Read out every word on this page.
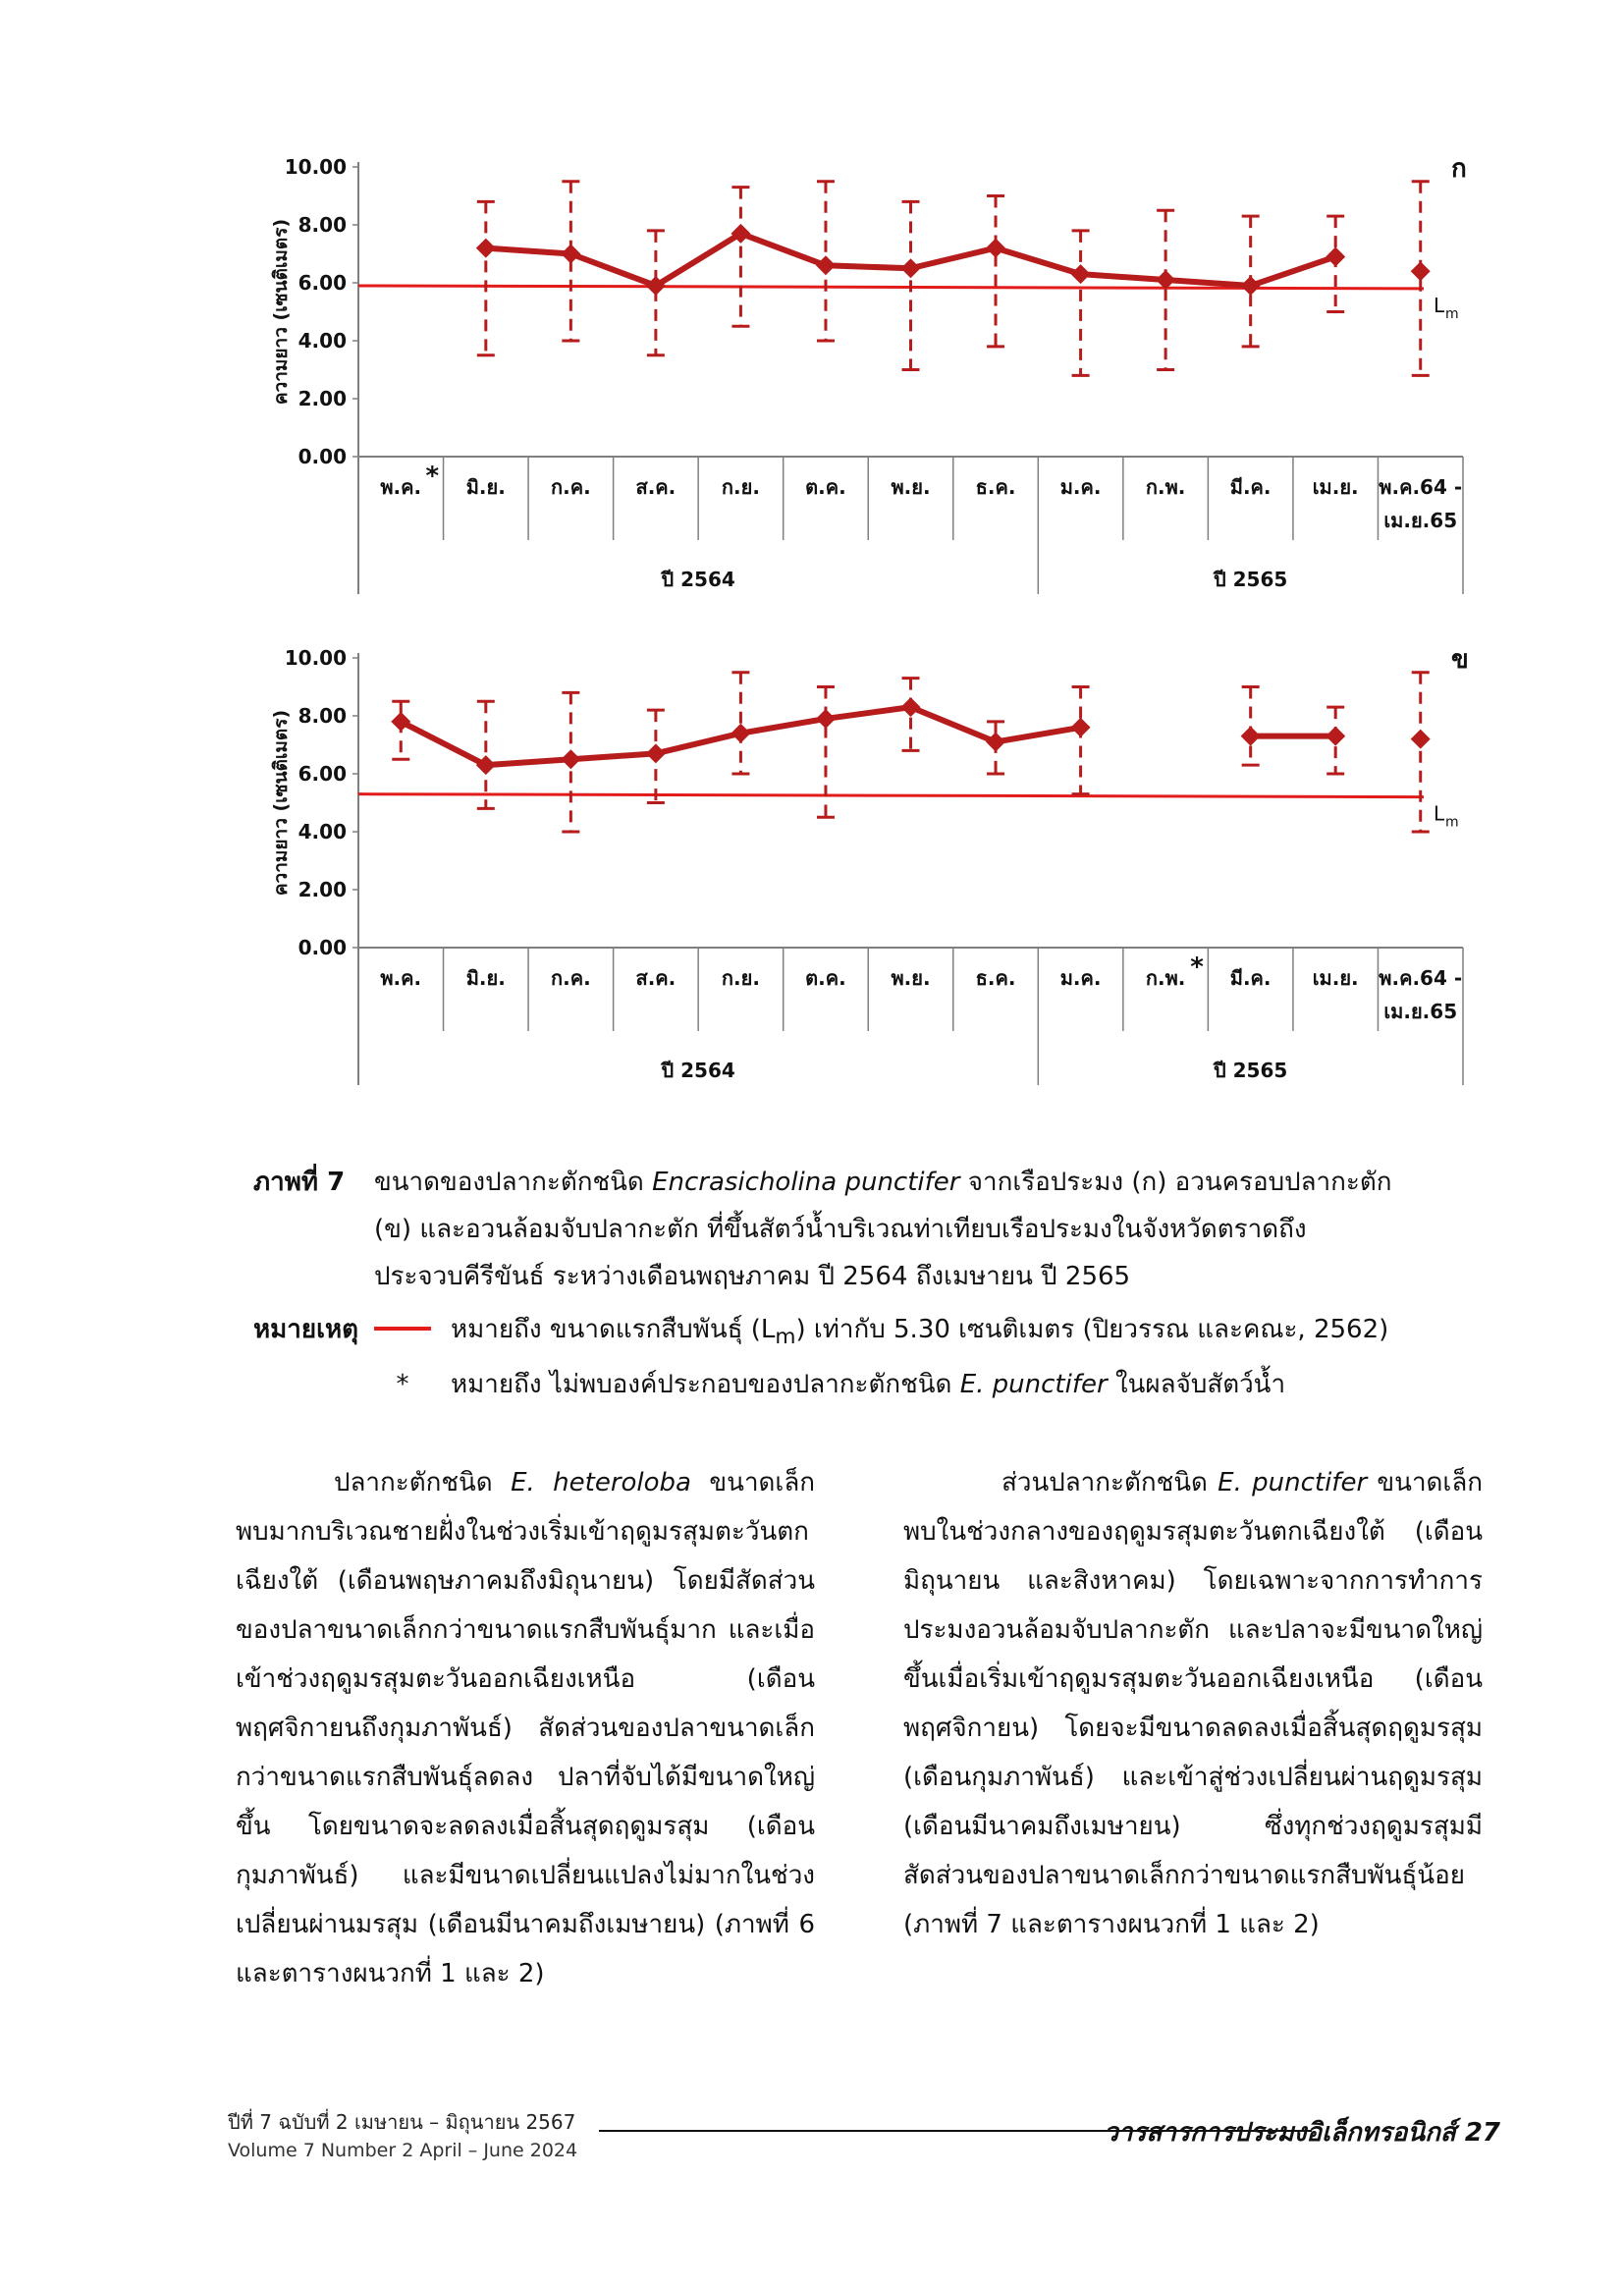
0.00
2.00
4.00
6.00
8.00
10.00
ความยาว (เซนติเมตร)
พ.ค. * มิ.ย. ก.ค. ส.ค. ก.ย. ต.ค. พ.ย. ธ.ค. ม.ค. ก.พ. มี.ค. เม.ย. พ.ค.64 -
เม.ย.65
ปี 2564	ปี 2565
L m
ก
0.00
2.00
4.00
6.00
8.00
10.00
ความยาว (เซนติเมตร)
พ.ค. มิ.ย. ก.ค. ส.ค. ก.ย. ต.ค. พ.ย. ธ.ค. ม.ค. ก.พ. * มี.ค. เม.ย. พ.ค.64 -
เม.ย.65
ปี 2564	ปี 2565
L m
ข
ภาพที่ 7 ขนาดของปลากะตักชนิด Encrasicholina punctifer จากเรือประมง (ก) อวนครอบปลากะตัก
(ข) และอวนล้อมจับปลากะตัก ที่ขึ้นสัตว์น้ำบริเวณท่าเทียบเรือประมงในจังหวัดตราดถึง
ประจวบคีรีขันธ์ ระหว่างเดือนพฤษภาคม ปี 2564 ถึงเมษายน ปี 2565
หมายเหตุ	หมายถึง ขนาดแรกสืบพันธุ์ $(L_m)$ เท่ากับ 5.30 เซนติเมตร (ปิยวรรณ และคณะ, 2562)
* หมายถึง ไม่พบองค์ประกอบของปลากะตักชนิด E. punctifer ในผลจับสัตว์น้ำ

ปลากะตักชนิด E. heteroloba ขนาดเล็กพบมากบริเวณชายฝั่งในช่วงเริ่มเข้าฤดูมรสุมตะวันตกเฉียงใต้ (เดือนพฤษภาคมถึงมิถุนายน) โดยมีสัดส่วนของปลาขนาดเล็กกว่าขนาดแรกสืบพันธุ์มาก และเมื่อเข้าช่วงฤดูมรสุมตะวันออกเฉียงเหนือ (เดือนพฤศจิกายนถึงกุมภาพันธ์) สัดส่วนของปลาขนาดเล็กกว่าขนาดแรกสืบพันธุ์ลดลง ปลาที่จับได้มีขนาดใหญ่ขึ้น โดยขนาดจะลดลงเมื่อสิ้นสุดฤดูมรสุม (เดือนกุมภาพันธ์) และมีขนาดเปลี่ยนแปลงไม่มากในช่วงเปลี่ยนผ่านมรสุม (เดือนมีนาคมถึงเมษายน) (ภาพที่ 6 และตารางผนวกที่ 1 และ 2)

ส่วนปลากะตักชนิด E. punctifer ขนาดเล็กพบในช่วงกลางของฤดูมรสุมตะวันตกเฉียงใต้ (เดือนมิถุนายน และสิงหาคม) โดยเฉพาะจากการทำการประมงอวนล้อมจับปลากะตัก และปลาจะมีขนาดใหญ่ขึ้นเมื่อเริ่มเข้าฤดูมรสุมตะวันออกเฉียงเหนือ (เดือนพฤศจิกายน) โดยจะมีขนาดลดลงเมื่อสิ้นสุดฤดูมรสุม (เดือนกุมภาพันธ์) และเข้าสู่ช่วงเปลี่ยนผ่านฤดูมรสุม (เดือนมีนาคมถึงเมษายน) ซึ่งทุกช่วงฤดูมรสุมมีสัดส่วนของปลาขนาดเล็กกว่าขนาดแรกสืบพันธุ์น้อย (ภาพที่ 7 และตารางผนวกที่ 1 และ 2)

ปีที่ 7 ฉบับที่ 2 เมษายน – มิถุนายน 2567
Volume 7 Number 2 April – June 2024
วารสารการประมงอิเล็กทรอนิกส์ 27
